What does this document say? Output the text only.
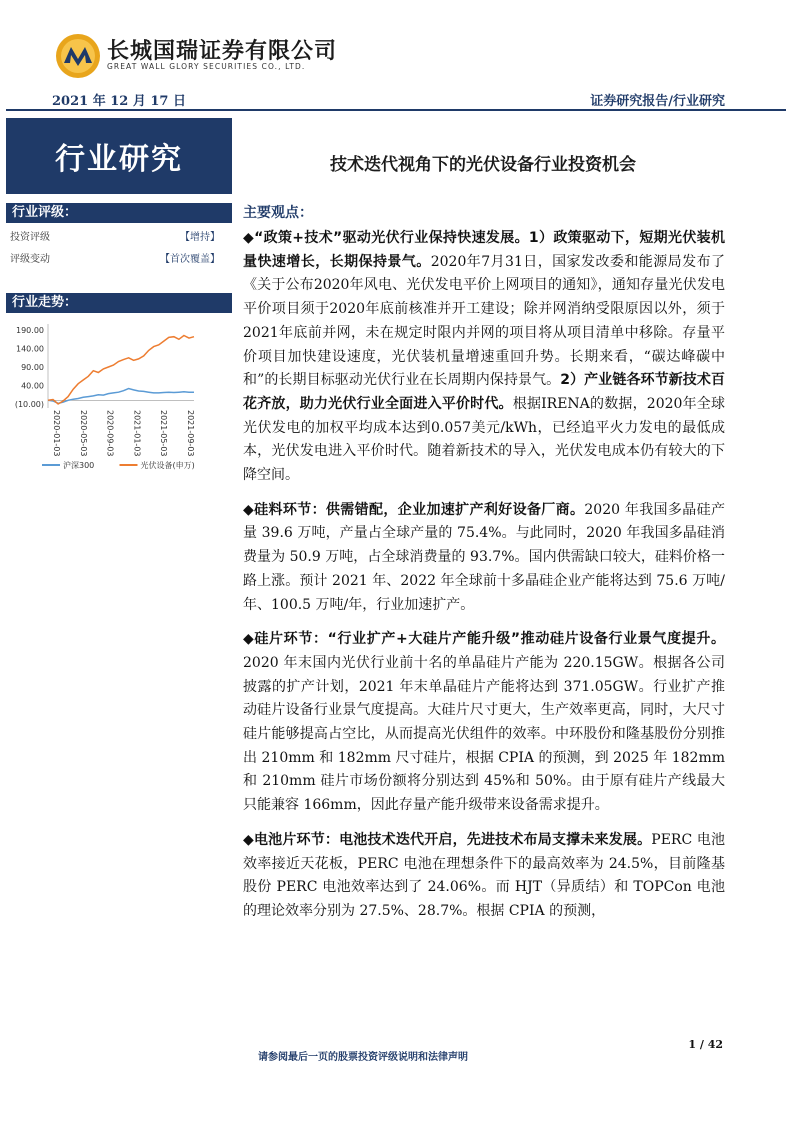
长城国瑞证券有限公司
GREAT WALL GLORY SECURITIES CO., LTD.
2021 年 12 月 17 日	证券研究报告/行业研究
行业研究	技术迭代视角下的光伏设备行业投资机会
行业评级：
投资评级	【增持】
评级变动	【首次覆盖】
行业走势：
190.00
140.00
90.00
40.00
(10.00)
2020-01-03 2020-05-03 2020-09-03 2021-01-03 2021-05-03 2021-09-03
沪深300	光伏设备(申万)
主要观点：

◆“政策+技术”驱动光伏行业保持快速发展。1）政策驱动下，短期光伏装机量快速增长，长期保持景气。2020年7月31日，国家发改委和能源局发布了《关于公布2020年风电、光伏发电平价上网项目的通知》，通知存量光伏发电平价项目须于2020年底前核准并开工建设；除并网消纳受限原因以外，须于2021年底前并网，未在规定时限内并网的项目将从项目清单中移除。存量平价项目加快建设速度，光伏装机量增速重回升势。长期来看，“碳达峰碳中和”的长期目标驱动光伏行业在长周期内保持景气。2）产业链各环节新技术百花齐放，助力光伏行业全面进入平价时代。根据IRENA的数据，2020年全球光伏发电的加权平均成本达到0.057美元/kWh，已经追平火力发电的最低成本，光伏发电进入平价时代。随着新技术的导入，光伏发电成本仍有较大的下降空间。

◆硅料环节：供需错配，企业加速扩产利好设备厂商。2020 年我国多晶硅产量 39.6 万吨，产量占全球产量的 75.4%。与此同时，2020 年我国多晶硅消费量为 50.9 万吨，占全球消费量的 93.7%。国内供需缺口较大，硅料价格一路上涨。预计 2021 年、2022 年全球前十多晶硅企业产能将达到 75.6 万吨/年、100.5 万吨/年，行业加速扩产。

◆硅片环节：“行业扩产+大硅片产能升级”推动硅片设备行业景气度提升。2020 年末国内光伏行业前十名的单晶硅片产能为 220.15GW。根据各公司披露的扩产计划，2021 年末单晶硅片产能将达到 371.05GW。行业扩产推动硅片设备行业景气度提高。大硅片尺寸更大，生产效率更高，同时，大尺寸硅片能够提高占空比，从而提高光伏组件的效率。中环股份和隆基股份分别推出 210mm 和 182mm 尺寸硅片，根据 CPIA 的预测，到 2025 年 182mm 和 210mm 硅片市场份额将分别达到 45%和 50%。由于原有硅片产线最大只能兼容 166mm，因此存量产能升级带来设备需求提升。

◆电池片环节：电池技术迭代开启，先进技术布局支撑未来发展。PERC 电池效率接近天花板，PERC 电池在理想条件下的最高效率为 24.5%，目前隆基股份 PERC 电池效率达到了 24.06%。而 HJT（异质结）和 TOPCon 电池的理论效率分别为 27.5%、28.7%。根据 CPIA 的预测，

1 / 42
请参阅最后一页的股票投资评级说明和法律声明
